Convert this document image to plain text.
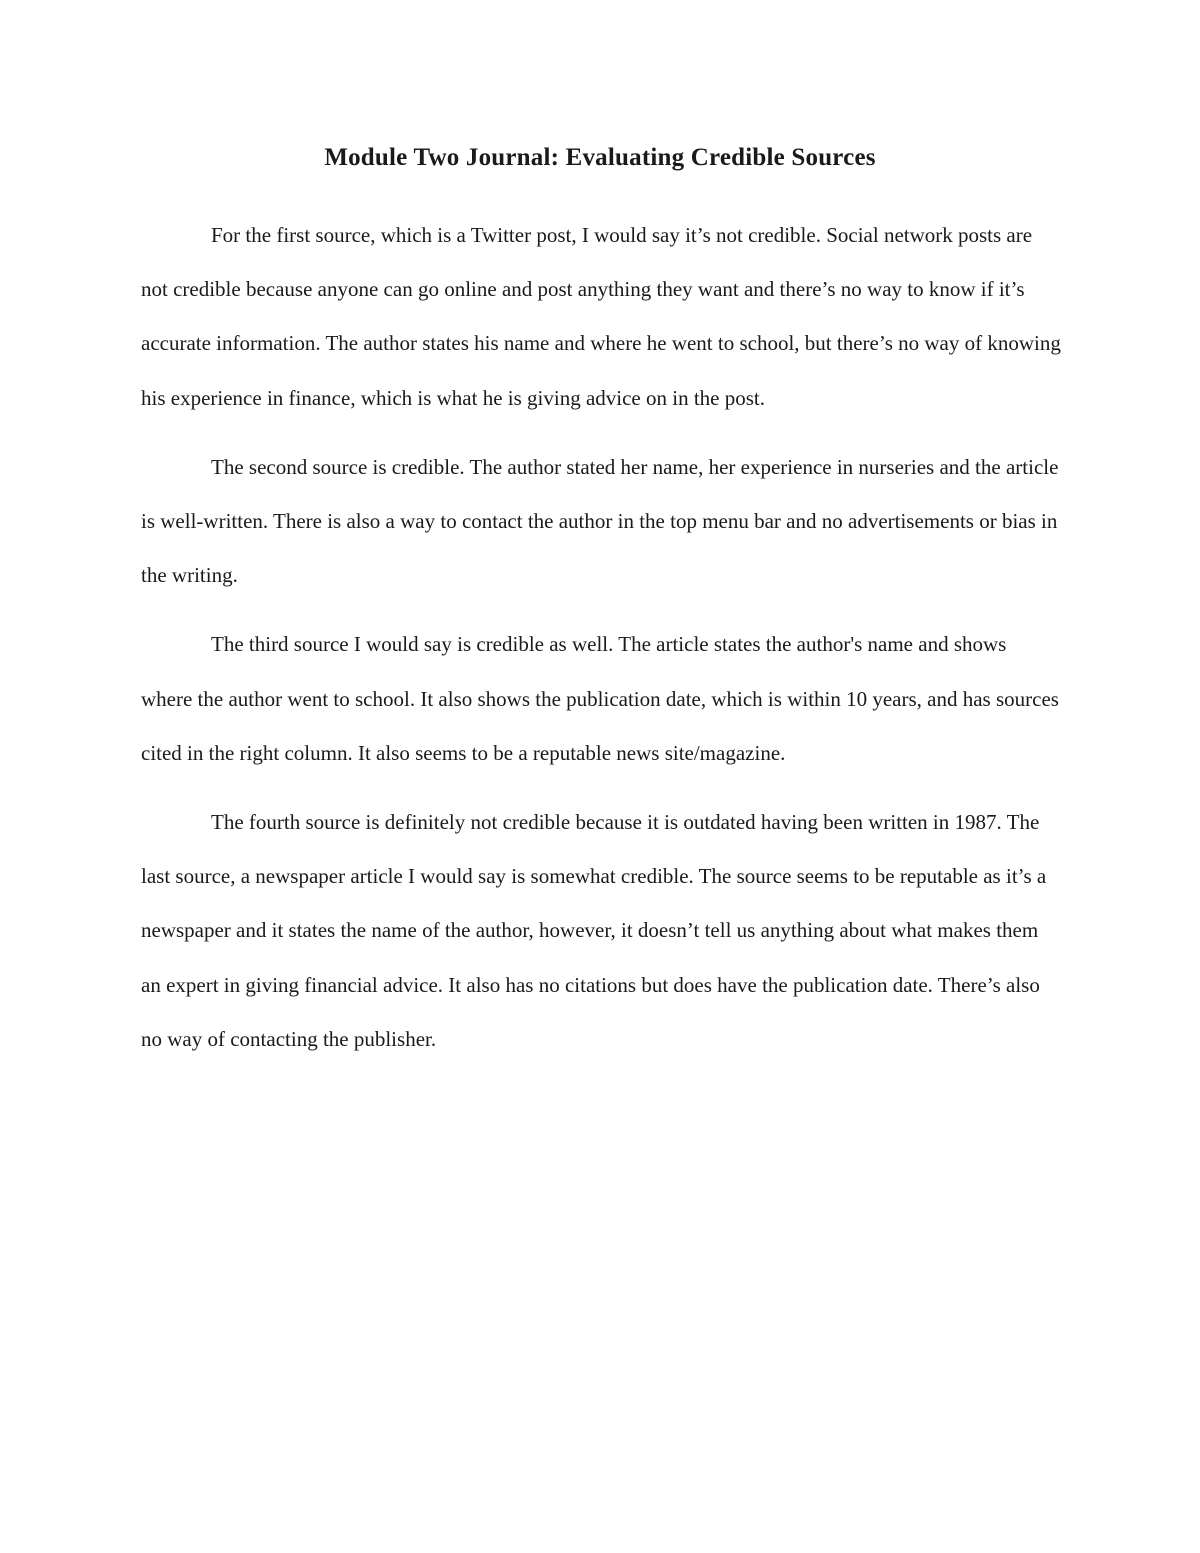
Module Two Journal: Evaluating Credible Sources

For the first source, which is a Twitter post, I would say it’s not credible. Social network posts are not credible because anyone can go online and post anything they want and there’s no way to know if it’s accurate information. The author states his name and where he went to school, but there’s no way of knowing his experience in finance, which is what he is giving advice on in the post.

The second source is credible. The author stated her name, her experience in nurseries and the article is well-written. There is also a way to contact the author in the top menu bar and no advertisements or bias in the writing.

The third source I would say is credible as well. The article states the author's name and shows where the author went to school. It also shows the publication date, which is within 10 years, and has sources cited in the right column. It also seems to be a reputable news site/magazine.

The fourth source is definitely not credible because it is outdated having been written in 1987. The last source, a newspaper article I would say is somewhat credible. The source seems to be reputable as it’s a newspaper and it states the name of the author, however, it doesn’t tell us anything about what makes them an expert in giving financial advice. It also has no citations but does have the publication date. There’s also no way of contacting the publisher.
